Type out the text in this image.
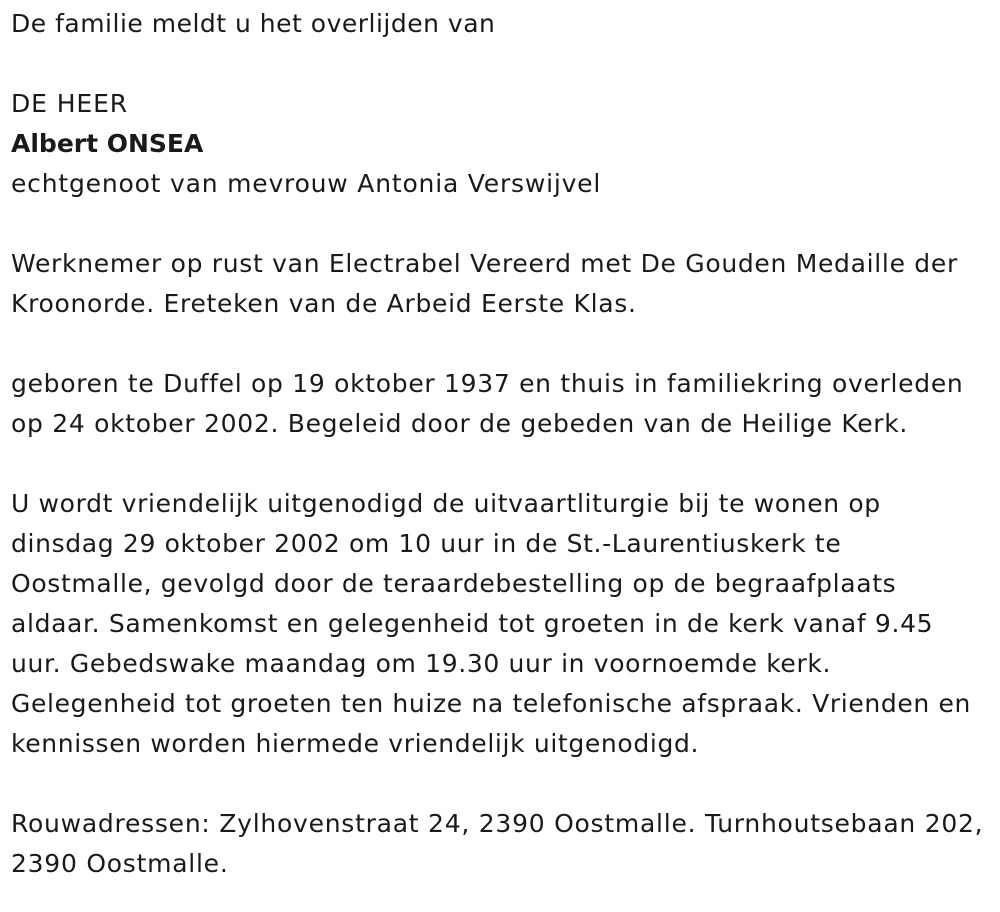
De familie meldt u het overlijden van

DE HEER

Albert ONSEA

echtgenoot van mevrouw Antonia Verswijvel

Werknemer op rust van Electrabel Vereerd met De Gouden Medaille der

Kroonorde. Ereteken van de Arbeid Eerste Klas.

geboren te Duffel op 19 oktober 1937 en thuis in familiekring overleden

op 24 oktober 2002. Begeleid door de gebeden van de Heilige Kerk.

U wordt vriendelijk uitgenodigd de uitvaartliturgie bij te wonen op

dinsdag 29 oktober 2002 om 10 uur in de St.-Laurentiuskerk te

Oostmalle, gevolgd door de teraardebestelling op de begraafplaats

aldaar. Samenkomst en gelegenheid tot groeten in de kerk vanaf 9.45

uur. Gebedswake maandag om 19.30 uur in voornoemde kerk.

Gelegenheid tot groeten ten huize na telefonische afspraak. Vrienden en

kennissen worden hiermede vriendelijk uitgenodigd.

Rouwadressen: Zylhovenstraat 24, 2390 Oostmalle. Turnhoutsebaan 202,

2390 Oostmalle.
